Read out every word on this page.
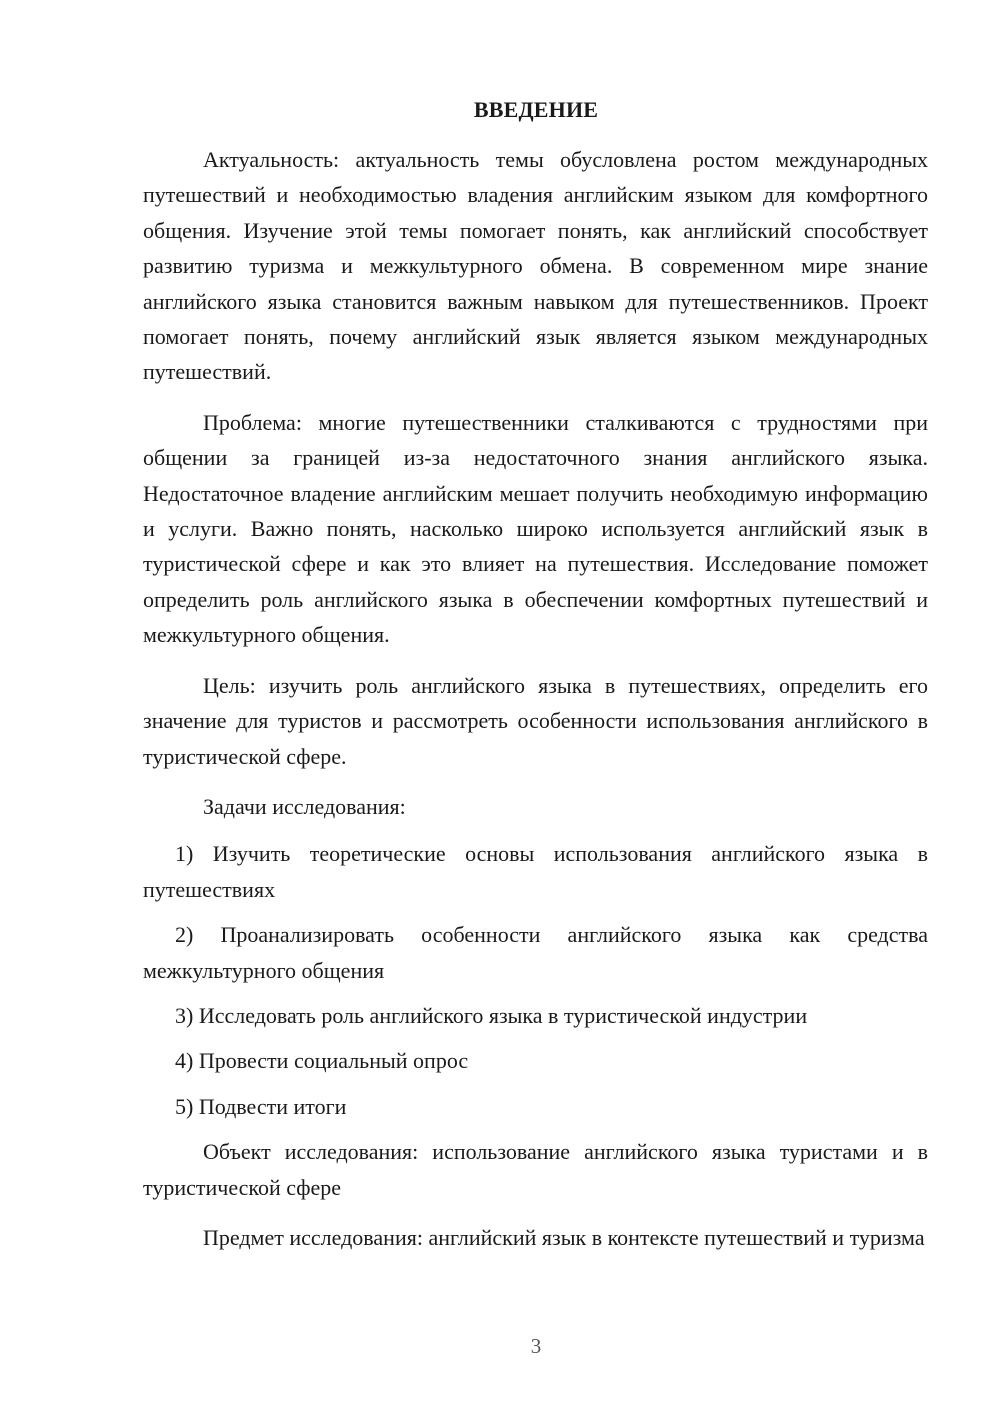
ВВЕДЕНИЕ

Актуальность: актуальность темы обусловлена ростом международных путешествий и необходимостью владения английским языком для комфортного общения. Изучение этой темы помогает понять, как английский способствует развитию туризма и межкультурного обмена. В современном мире знание английского языка становится важным навыком для путешественников. Проект помогает понять, почему английский язык является языком международных путешествий.

Проблема: многие путешественники сталкиваются с трудностями при общении за границей из-за недостаточного знания английского языка. Недостаточное владение английским мешает получить необходимую информацию и услуги. Важно понять, насколько широко используется английский язык в туристической сфере и как это влияет на путешествия. Исследование поможет определить роль английского языка в обеспечении комфортных путешествий и межкультурного общения.

Цель: изучить роль английского языка в путешествиях, определить его значение для туристов и рассмотреть особенности использования английского в туристической сфере.

Задачи исследования:

1) Изучить теоретические основы использования английского языка в путешествиях

2) Проанализировать особенности английского языка как средства межкультурного общения

3) Исследовать роль английского языка в туристической индустрии

4) Провести социальный опрос

5) Подвести итоги

Объект исследования: использование английского языка туристами и в туристической сфере

Предмет исследования: английский язык в контексте путешествий и туризма

3
